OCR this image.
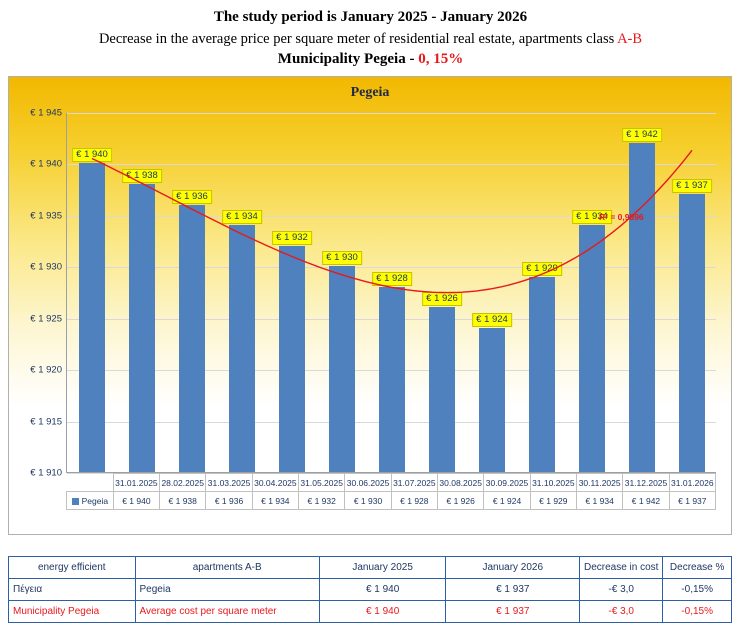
The study period is January 2025 - January 2026
Decrease in the average price per square meter of residential real estate, apartments class A-B
Municipality Pegeia - 0, 15%
Pegeia
€ 1 910
€ 1 915
€ 1 920
€ 1 925
€ 1 930
€ 1 935
€ 1 940
€ 1 945
€ 1 940
€ 1 938
€ 1 936
€ 1 934
€ 1 932
€ 1 930
€ 1 928
€ 1 926
€ 1 924
€ 1 929
€ 1 934
€ 1 942
€ 1 937
R² = 0,9896
	31.01.2025	28.02.2025	31.03.2025	30.04.2025	31.05.2025	30.06.2025	31.07.2025	30.08.2025	30.09.2025	31.10.2025	30.11.2025	31.12.2025	31.01.2026
Pegeia	€ 1 940	€ 1 938	€ 1 936	€ 1 934	€ 1 932	€ 1 930	€ 1 928	€ 1 926	€ 1 924	€ 1 929	€ 1 934	€ 1 942	€ 1 937
energy efficient	apartments A-B	January 2025	January 2026	Decrease in cost	Decrease %
Πέγεια	Pegeia	€ 1 940	€ 1 937	-€ 3,0	-0,15%
Municipality Pegeia	Average cost per square meter	€ 1 940	€ 1 937	-€ 3,0	-0,15%
